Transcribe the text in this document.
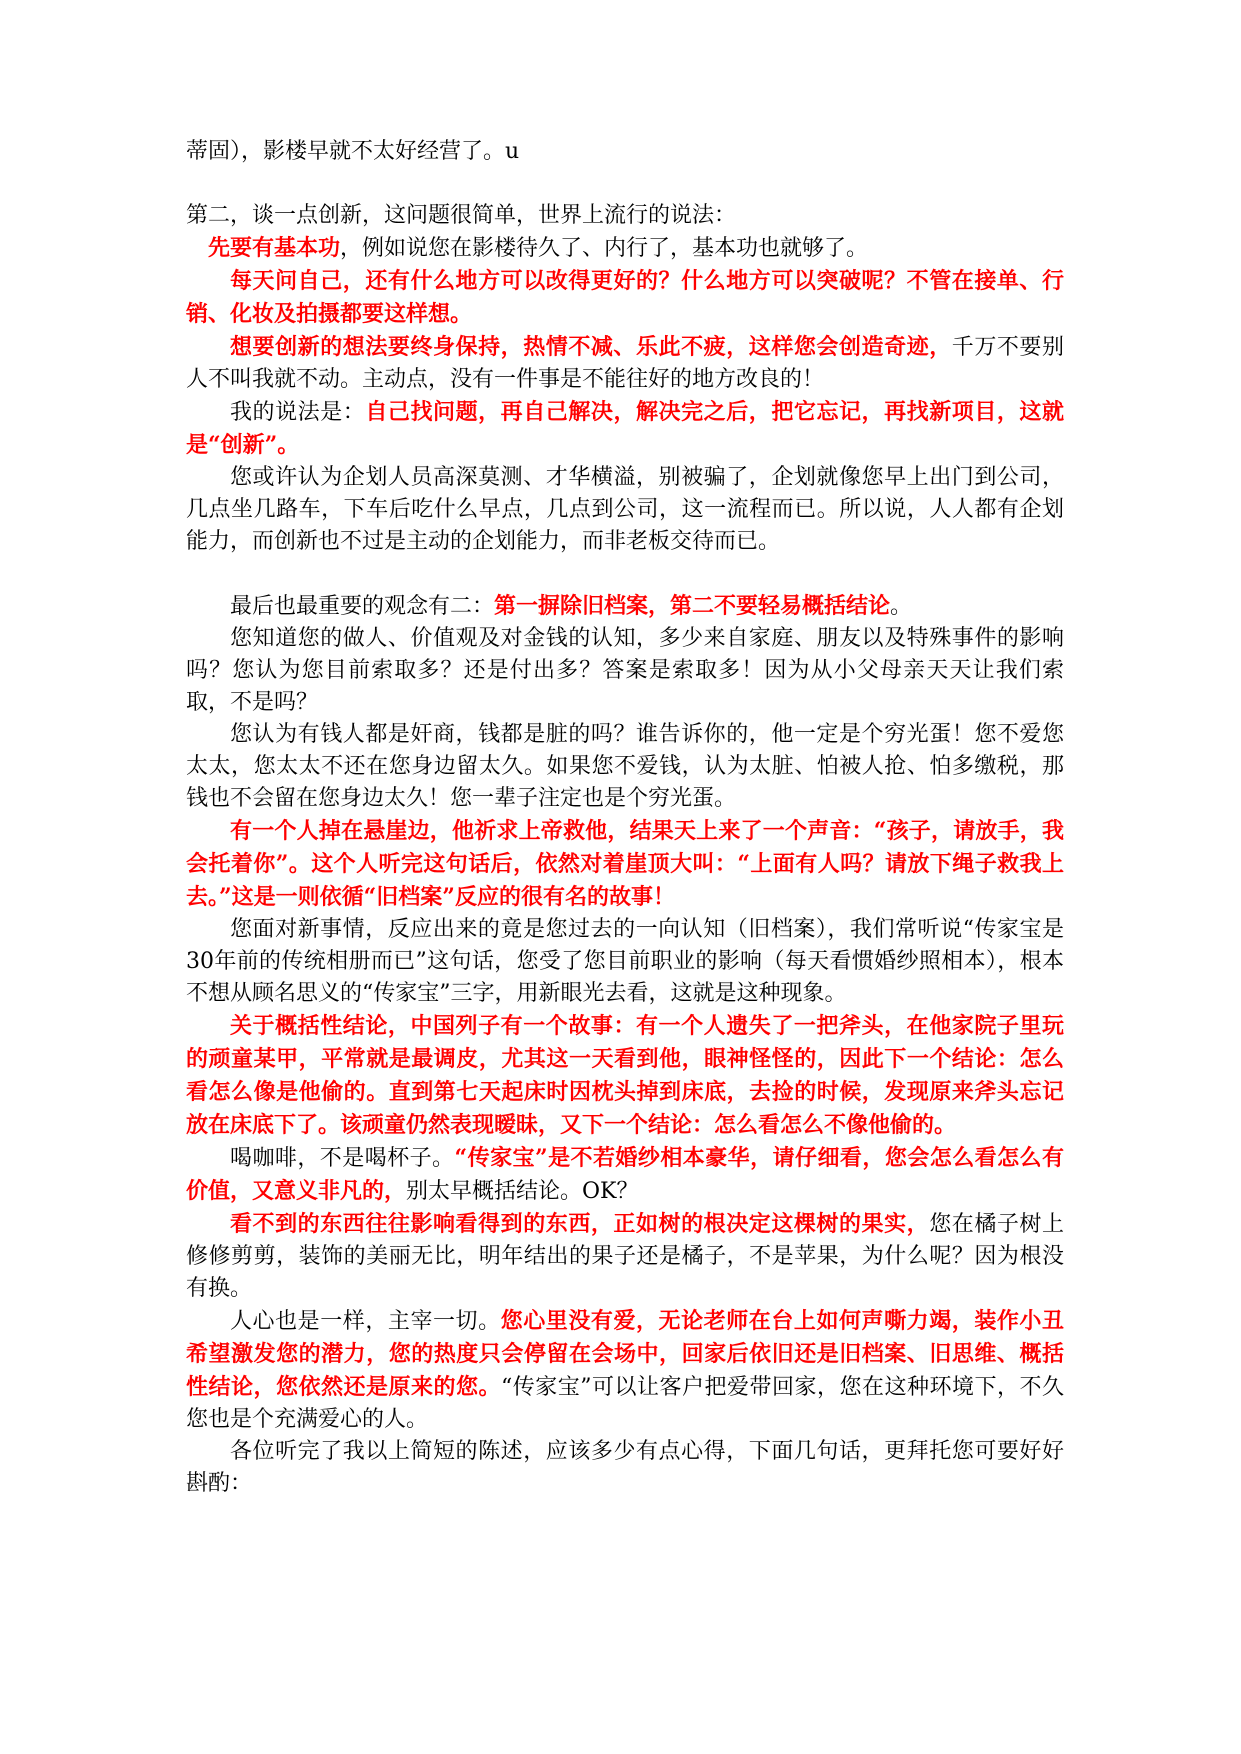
蒂固），影楼早就不太好经营了。u

第二，谈一点创新，这问题很简单，世界上流行的说法：

先要有基本功，例如说您在影楼待久了、内行了，基本功也就够了。

每天问自己，还有什么地方可以改得更好的？什么地方可以突破呢？不管在接单、行销、化妆及拍摄都要这样想。

想要创新的想法要终身保持，热情不减、乐此不疲，这样您会创造奇迹，千万不要别人不叫我就不动。主动点，没有一件事是不能往好的地方改良的！

我的说法是：自己找问题，再自己解决，解决完之后，把它忘记，再找新项目，这就是“创新”。

您或许认为企划人员高深莫测、才华横溢，别被骗了，企划就像您早上出门到公司，几点坐几路车，下车后吃什么早点，几点到公司，这一流程而已。所以说，人人都有企划能力，而创新也不过是主动的企划能力，而非老板交待而已。

最后也最重要的观念有二：第一摒除旧档案，第二不要轻易概括结论。

您知道您的做人、价值观及对金钱的认知，多少来自家庭、朋友以及特殊事件的影响吗？您认为您目前索取多？还是付出多？答案是索取多！因为从小父母亲天天让我们索取，不是吗？

您认为有钱人都是奸商，钱都是脏的吗？谁告诉你的，他一定是个穷光蛋！您不爱您太太，您太太不还在您身边留太久。如果您不爱钱，认为太脏、怕被人抢、怕多缴税，那钱也不会留在您身边太久！您一辈子注定也是个穷光蛋。

有一个人掉在悬崖边，他祈求上帝救他，结果天上来了一个声音：“孩子，请放手，我会托着你”。这个人听完这句话后，依然对着崖顶大叫：“上面有人吗？请放下绳子救我上去。”这是一则依循“旧档案”反应的很有名的故事！

您面对新事情，反应出来的竟是您过去的一向认知（旧档案），我们常听说“传家宝是30年前的传统相册而已”这句话，您受了您目前职业的影响（每天看惯婚纱照相本），根本不想从顾名思义的“传家宝”三字，用新眼光去看，这就是这种现象。

关于概括性结论，中国列子有一个故事：有一个人遗失了一把斧头，在他家院子里玩的顽童某甲，平常就是最调皮，尤其这一天看到他，眼神怪怪的，因此下一个结论：怎么看怎么像是他偷的。直到第七天起床时因枕头掉到床底，去捡的时候，发现原来斧头忘记放在床底下了。该顽童仍然表现暧昧，又下一个结论：怎么看怎么不像他偷的。

喝咖啡，不是喝杯子。“传家宝”是不若婚纱相本豪华，请仔细看，您会怎么看怎么有价值，又意义非凡的，别太早概括结论。OK？

看不到的东西往往影响看得到的东西，正如树的根决定这棵树的果实，您在橘子树上修修剪剪，装饰的美丽无比，明年结出的果子还是橘子，不是苹果，为什么呢？因为根没有换。

人心也是一样，主宰一切。您心里没有爱，无论老师在台上如何声嘶力竭，装作小丑希望激发您的潜力，您的热度只会停留在会场中，回家后依旧还是旧档案、旧思维、概括性结论，您依然还是原来的您。“传家宝”可以让客户把爱带回家，您在这种环境下，不久您也是个充满爱心的人。

各位听完了我以上简短的陈述，应该多少有点心得，下面几句话，更拜托您可要好好斟酌：
